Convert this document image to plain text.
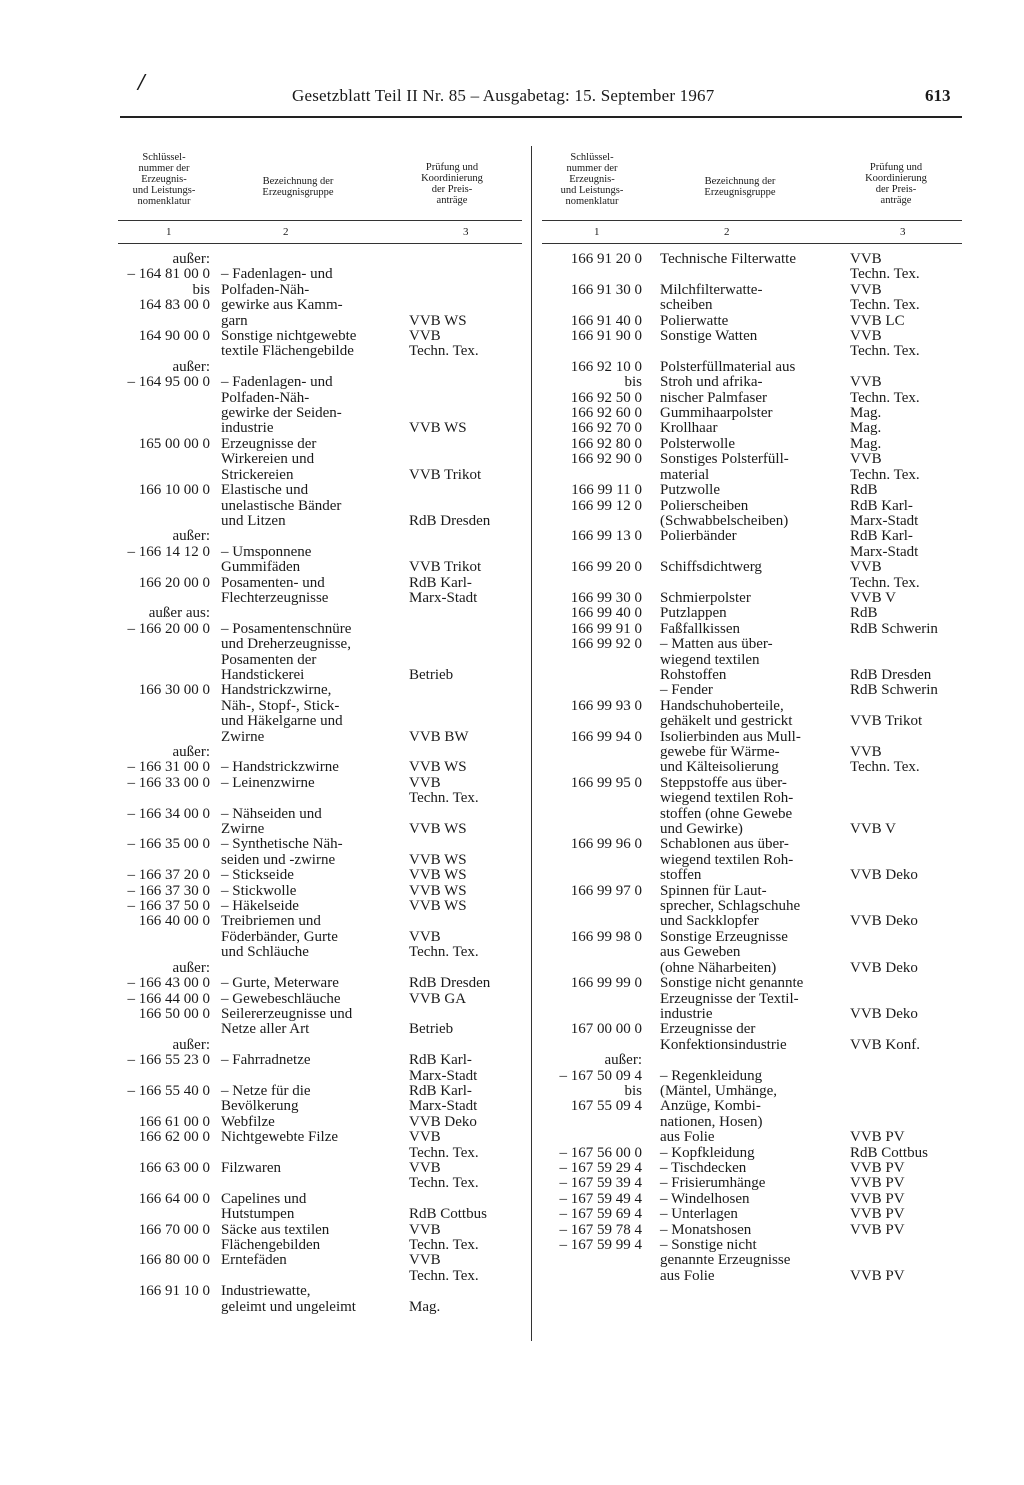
/	Gesetzblatt Teil II Nr. 85 – Ausgabetag: 15. September 1967	613
Schlüssel-
nummer der
Erzeugnis-
und Leistungs-
nomenklatur
Bezeichnung der
Erzeugnisgruppe
Prüfung und
Koordinierung
der Preis-
anträge
1	2	3
außer:
– 164 81 00 0 – Fadenlagen- und
bis Polfaden-Näh-
164 83 00 0 gewirke aus Kamm-
garn	VVB WS
164 90 00 0 Sonstige nichtgewebte	VVB
textile Flächengebilde	Techn. Tex.
außer:
– 164 95 00 0 – Fadenlagen- und
Polfaden-Näh-
gewirke der Seiden-
industrie	VVB WS
165 00 00 0 Erzeugnisse der
Wirkereien und
Strickereien	VVB Trikot
166 10 00 0 Elastische und
unelastische Bänder
und Litzen	RdB Dresden
außer:
– 166 14 12 0 – Umsponnene
Gummifäden	VVB Trikot
166 20 00 0 Posamenten- und	RdB Karl-
Flechterzeugnisse	Marx-Stadt
außer aus:
– 166 20 00 0 – Posamentenschnüre
und Dreherzeugnisse,
Posamenten der
Handstickerei	Betrieb
166 30 00 0 Handstrickzwirne,
Näh-, Stopf-, Stick-
und Häkelgarne und
Zwirne	VVB BW
außer:
– 166 31 00 0 – Handstrickzwirne	VVB WS
– 166 33 00 0 – Leinenzwirne	VVB
Techn. Tex.
– 166 34 00 0 – Nähseiden und
Zwirne	VVB WS
– 166 35 00 0 – Synthetische Näh-
seiden und -zwirne	VVB WS
– 166 37 20 0 – Stickseide	VVB WS
– 166 37 30 0 – Stickwolle	VVB WS
– 166 37 50 0 – Häkelseide	VVB WS
166 40 00 0 Treibriemen und
Föderbänder, Gurte	VVB
und Schläuche	Techn. Tex.
außer:
– 166 43 00 0 – Gurte, Meterware	RdB Dresden
– 166 44 00 0 – Gewebeschläuche	VVB GA
166 50 00 0 Seilererzeugnisse und
Netze aller Art	Betrieb
außer:
– 166 55 23 0 – Fahrradnetze	RdB Karl-
Marx-Stadt
– 166 55 40 0 – Netze für die	RdB Karl-
Bevölkerung	Marx-Stadt
166 61 00 0 Webfilze	VVB Deko
166 62 00 0 Nichtgewebte Filze	VVB
Techn. Tex.
166 63 00 0 Filzwaren	VVB
Techn. Tex.
166 64 00 0 Capelines und
Hutstumpen	RdB Cottbus
166 70 00 0 Säcke aus textilen	VVB
Flächengebilden	Techn. Tex.
166 80 00 0 Erntefäden	VVB
Techn. Tex.
166 91 10 0 Industriewatte,
geleimt und ungeleimt	Mag.
Schlüssel-
nummer der
Erzeugnis-
und Leistungs-
nomenklatur
Bezeichnung der
Erzeugnisgruppe
Prüfung und
Koordinierung
der Preis-
anträge
1	2	3
166 91 20 0	Technische Filterwatte	VVB
Techn. Tex.
166 91 30 0	Milchfilterwatte-	VVB
scheiben	Techn. Tex.
166 91 40 0	Polierwatte	VVB LC
166 91 90 0	Sonstige Watten	VVB
Techn. Tex.
166 92 10 0	Polsterfüllmaterial aus
bis	Stroh und afrika-	VVB
166 92 50 0	nischer Palmfaser	Techn. Tex.
166 92 60 0	Gummihaarpolster	Mag.
166 92 70 0	Krollhaar	Mag.
166 92 80 0	Polsterwolle	Mag.
166 92 90 0	Sonstiges Polsterfüll-	VVB
material	Techn. Tex.
166 99 11 0	Putzwolle	RdB
166 99 12 0	Polierscheiben	RdB Karl-
(Schwabbelscheiben)	Marx-Stadt
166 99 13 0	Polierbänder	RdB Karl-
Marx-Stadt
166 99 20 0	Schiffsdichtwerg	VVB
Techn. Tex.
166 99 30 0	Schmierpolster	VVB V
166 99 40 0	Putzlappen	RdB
166 99 91 0	Faßfallkissen	RdB Schwerin
166 99 92 0	– Matten aus über-
wiegend textilen
Rohstoffen	RdB Dresden
– Fender	RdB Schwerin
166 99 93 0	Handschuhoberteile,
gehäkelt und gestrickt	VVB Trikot
166 99 94 0	Isolierbinden aus Mull-
gewebe für Wärme-	VVB
und Kälteisolierung	Techn. Tex.
166 99 95 0	Steppstoffe aus über-
wiegend textilen Roh-
stoffen (ohne Gewebe
und Gewirke)	VVB V
166 99 96 0	Schablonen aus über-
wiegend textilen Roh-
stoffen	VVB Deko
166 99 97 0	Spinnen für Laut-
sprecher, Schlagschuhe
und Sackklopfer	VVB Deko
166 99 98 0	Sonstige Erzeugnisse
aus Geweben
(ohne Näharbeiten)	VVB Deko
166 99 99 0	Sonstige nicht genannte
Erzeugnisse der Textil-
industrie	VVB Deko
167 00 00 0	Erzeugnisse der
Konfektionsindustrie	VVB Konf.
außer:
– 167 50 09 4	– Regenkleidung
bis	(Mäntel, Umhänge,
167 55 09 4	Anzüge, Kombi-
nationen, Hosen)
aus Folie	VVB PV
– 167 56 00 0	– Kopfkleidung	RdB Cottbus
– 167 59 29 4	– Tischdecken	VVB PV
– 167 59 39 4	– Frisierumhänge	VVB PV
– 167 59 49 4	– Windelhosen	VVB PV
– 167 59 69 4	– Unterlagen	VVB PV
– 167 59 78 4	– Monatshosen	VVB PV
– 167 59 99 4	– Sonstige nicht
genannte Erzeugnisse
aus Folie	VVB PV
